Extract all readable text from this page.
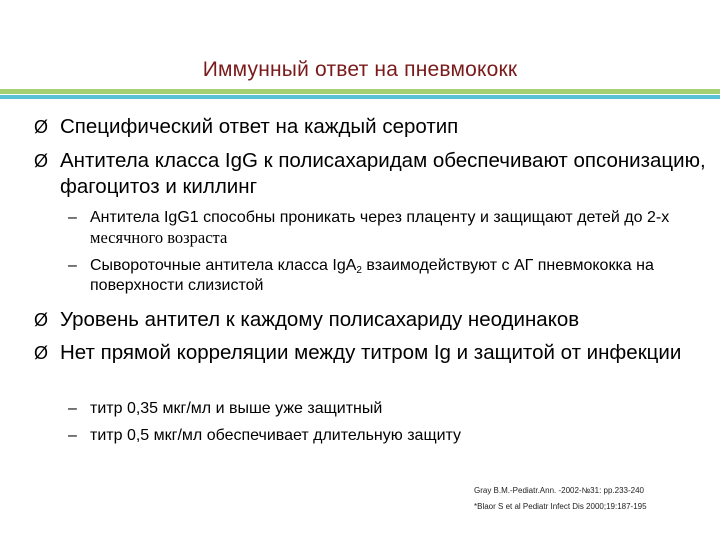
Иммунный ответ на пневмококк
Ø Специфический ответ на каждый серотип
Ø Антитела класса IgG к полисахаридам обеспечивают опсонизацию, фагоцитоз и киллинг
– Антитела IgG1 способны проникать через плаценту и защищают детей до 2-х месячного возраста
– Сывороточные антитела класса IgA$_2$ взаимодействуют с АГ пневмококка на поверхности слизистой
Ø Уровень антител к каждому полисахариду неодинаков
Ø Нет прямой корреляции между титром Ig и защитой от инфекции
– титр 0,35 мкг/мл и выше уже защитный
– титр 0,5 мкг/мл обеспечивает длительную защиту
Gray B.M.-Pediatr.Ann. -2002-№31: pp.233-240
*Blaor S et al Pediatr Infect Dis 2000;19:187-195
